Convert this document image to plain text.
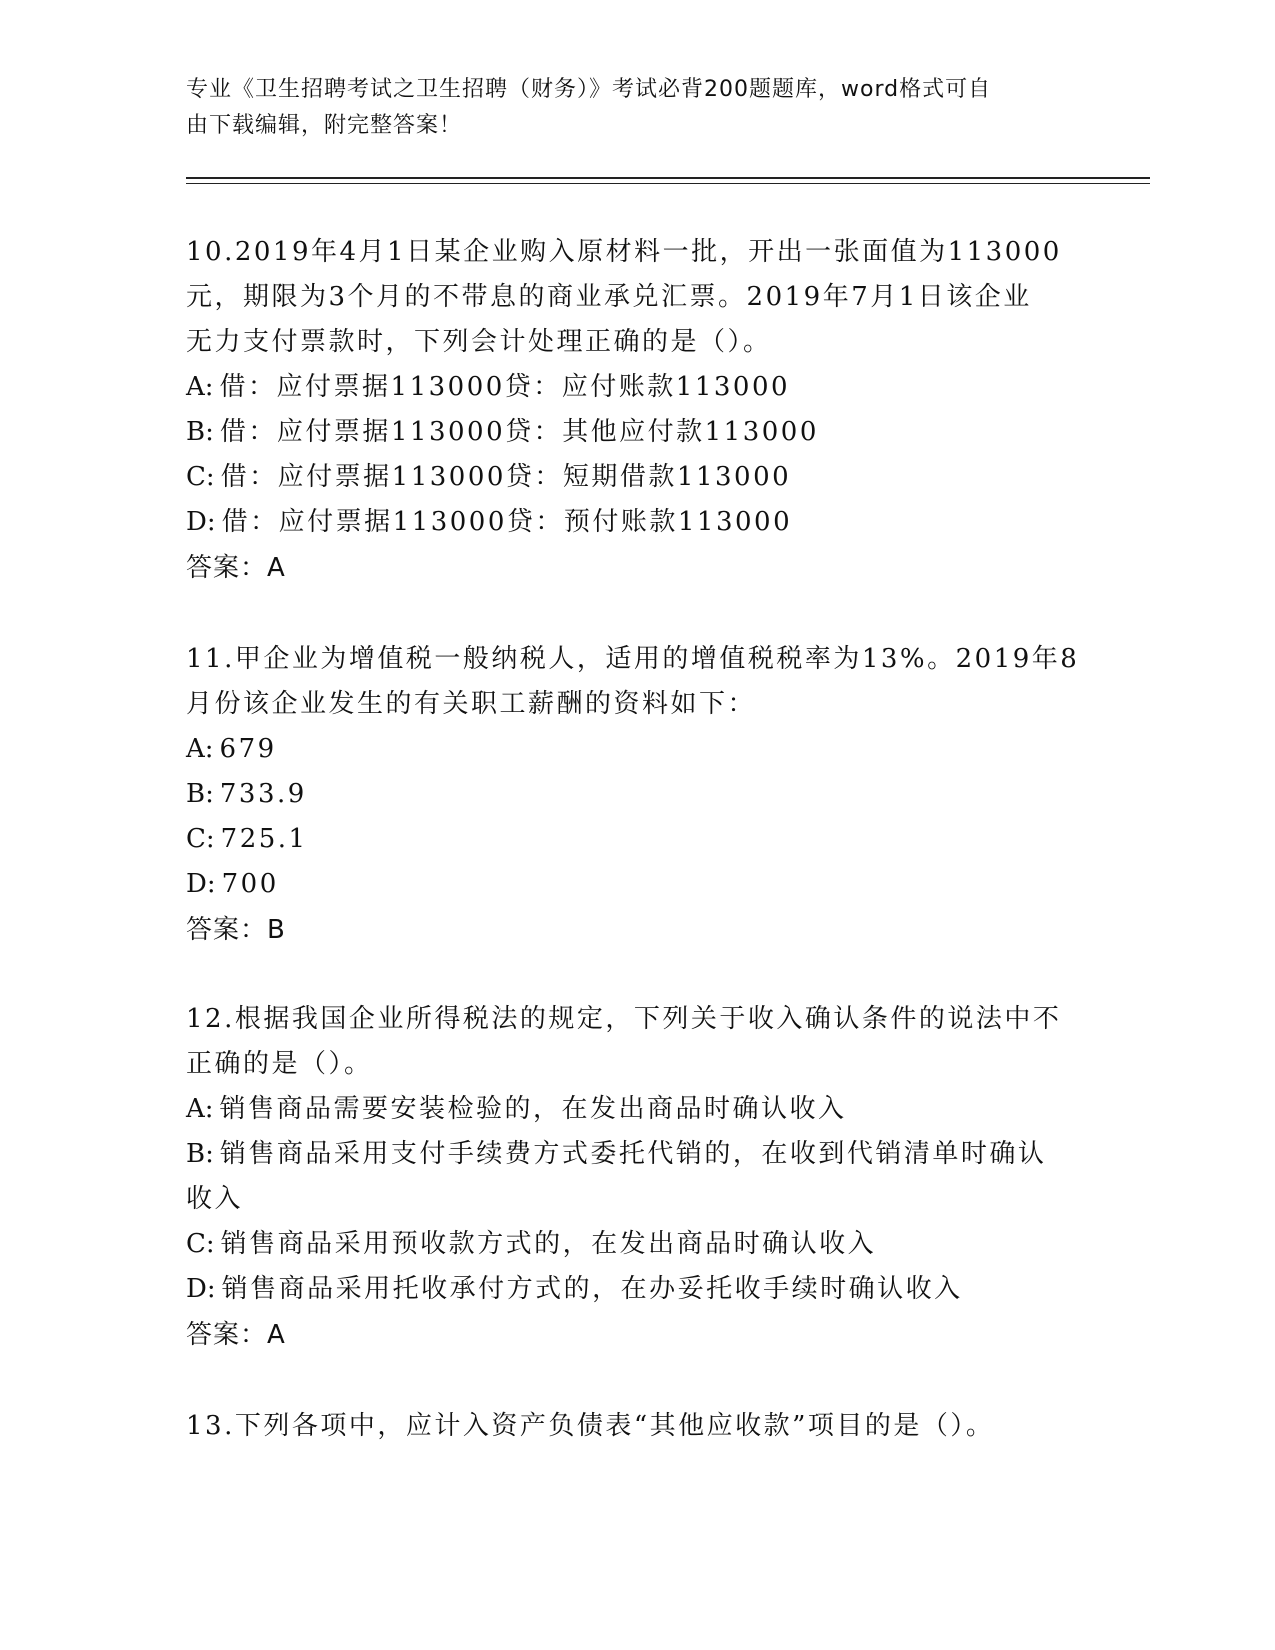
专业《卫生招聘考试之卫生招聘（财务）》考试必背200题题库，word格式可自
由下载编辑，附完整答案！

10.2019年4月1日某企业购入原材料一批，开出一张面值为113000

元，期限为3个月的不带息的商业承兑汇票。2019年7月1日该企业

无力支付票款时，下列会计处理正确的是（）。

A: 借：应付票据113000贷：应付账款113000

B: 借：应付票据113000贷：其他应付款113000

C: 借：应付票据113000贷：短期借款113000

D: 借：应付票据113000贷：预付账款113000

答案：A

11.甲企业为增值税一般纳税人，适用的增值税税率为13%。2019年8

月份该企业发生的有关职工薪酬的资料如下：

A: 679

B: 733.9

C: 725.1

D: 700

答案：B

12.根据我国企业所得税法的规定，下列关于收入确认条件的说法中不

正确的是（）。

A: 销售商品需要安装检验的，在发出商品时确认收入

B: 销售商品采用支付手续费方式委托代销的，在收到代销清单时确认

收入

C: 销售商品采用预收款方式的，在发出商品时确认收入

D: 销售商品采用托收承付方式的，在办妥托收手续时确认收入

答案：A

13.下列各项中，应计入资产负债表“其他应收款”项目的是（）。
